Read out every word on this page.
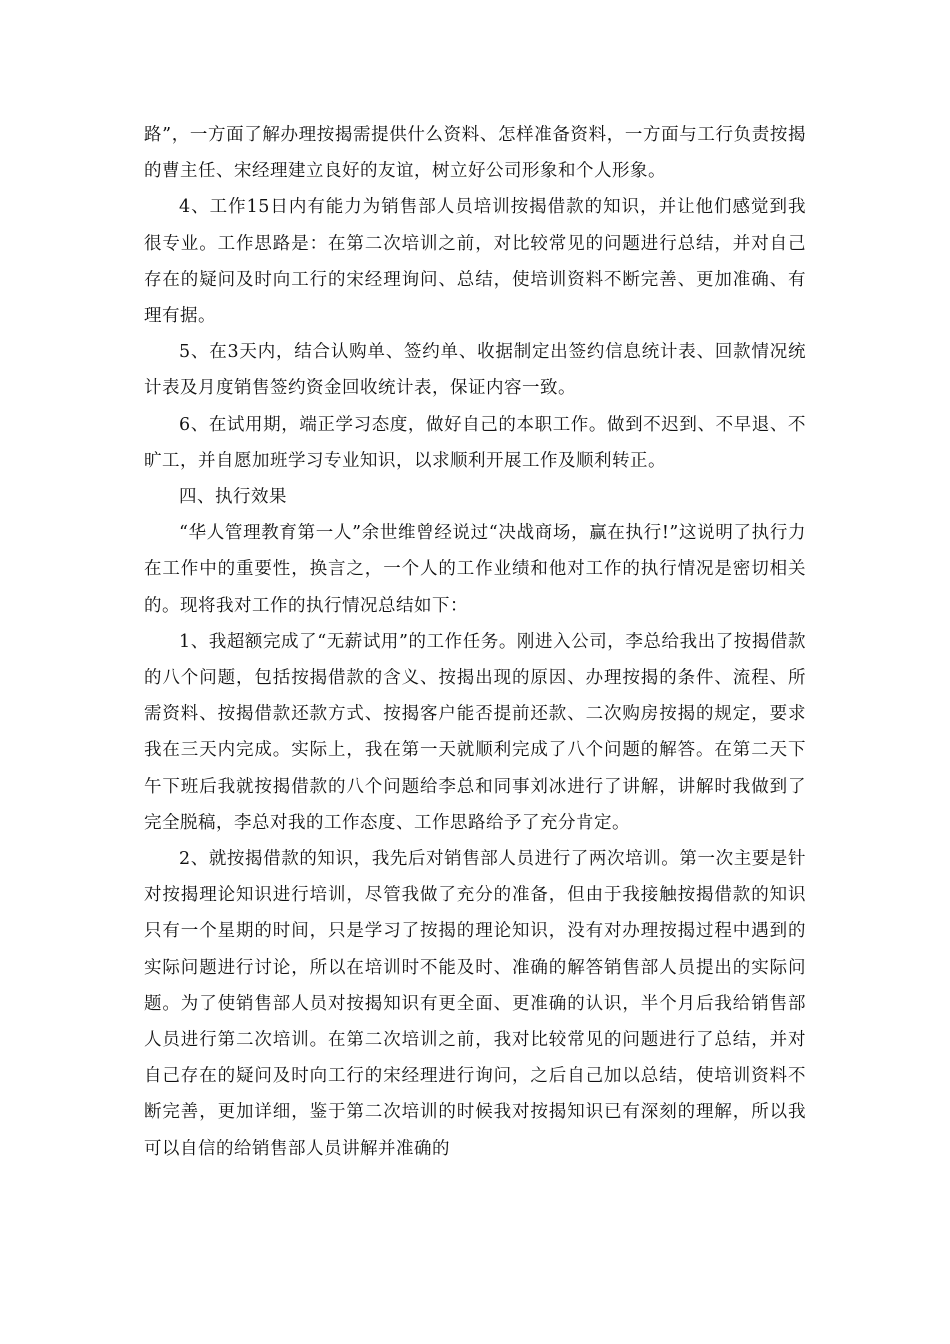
路”，一方面了解办理按揭需提供什么资料、怎样准备资料，一方面与工行负责按揭的曹主任、宋经理建立良好的友谊，树立好公司形象和个人形象。

4、工作15日内有能力为销售部人员培训按揭借款的知识，并让他们感觉到我很专业。工作思路是：在第二次培训之前，对比较常见的问题进行总结，并对自己存在的疑问及时向工行的宋经理询问、总结，使培训资料不断完善、更加准确、有理有据。

5、在3天内，结合认购单、签约单、收据制定出签约信息统计表、回款情况统计表及月度销售签约资金回收统计表，保证内容一致。

6、在试用期，端正学习态度，做好自己的本职工作。做到不迟到、不早退、不旷工，并自愿加班学习专业知识，以求顺利开展工作及顺利转正。

四、执行效果

“华人管理教育第一人”余世维曾经说过“决战商场，赢在执行!”这说明了执行力在工作中的重要性，换言之，一个人的工作业绩和他对工作的执行情况是密切相关的。现将我对工作的执行情况总结如下：

1、我超额完成了“无薪试用”的工作任务。刚进入公司，李总给我出了按揭借款的八个问题，包括按揭借款的含义、按揭出现的原因、办理按揭的条件、流程、所需资料、按揭借款还款方式、按揭客户能否提前还款、二次购房按揭的规定，要求我在三天内完成。实际上，我在第一天就顺利完成了八个问题的解答。在第二天下午下班后我就按揭借款的八个问题给李总和同事刘冰进行了讲解，讲解时我做到了完全脱稿，李总对我的工作态度、工作思路给予了充分肯定。

2、就按揭借款的知识，我先后对销售部人员进行了两次培训。第一次主要是针对按揭理论知识进行培训，尽管我做了充分的准备，但由于我接触按揭借款的知识只有一个星期的时间，只是学习了按揭的理论知识，没有对办理按揭过程中遇到的实际问题进行讨论，所以在培训时不能及时、准确的解答销售部人员提出的实际问题。为了使销售部人员对按揭知识有更全面、更准确的认识，半个月后我给销售部人员进行第二次培训。在第二次培训之前，我对比较常见的问题进行了总结，并对自己存在的疑问及时向工行的宋经理进行询问，之后自己加以总结，使培训资料不断完善，更加详细，鉴于第二次培训的时候我对按揭知识已有深刻的理解，所以我可以自信的给销售部人员讲解并准确的
